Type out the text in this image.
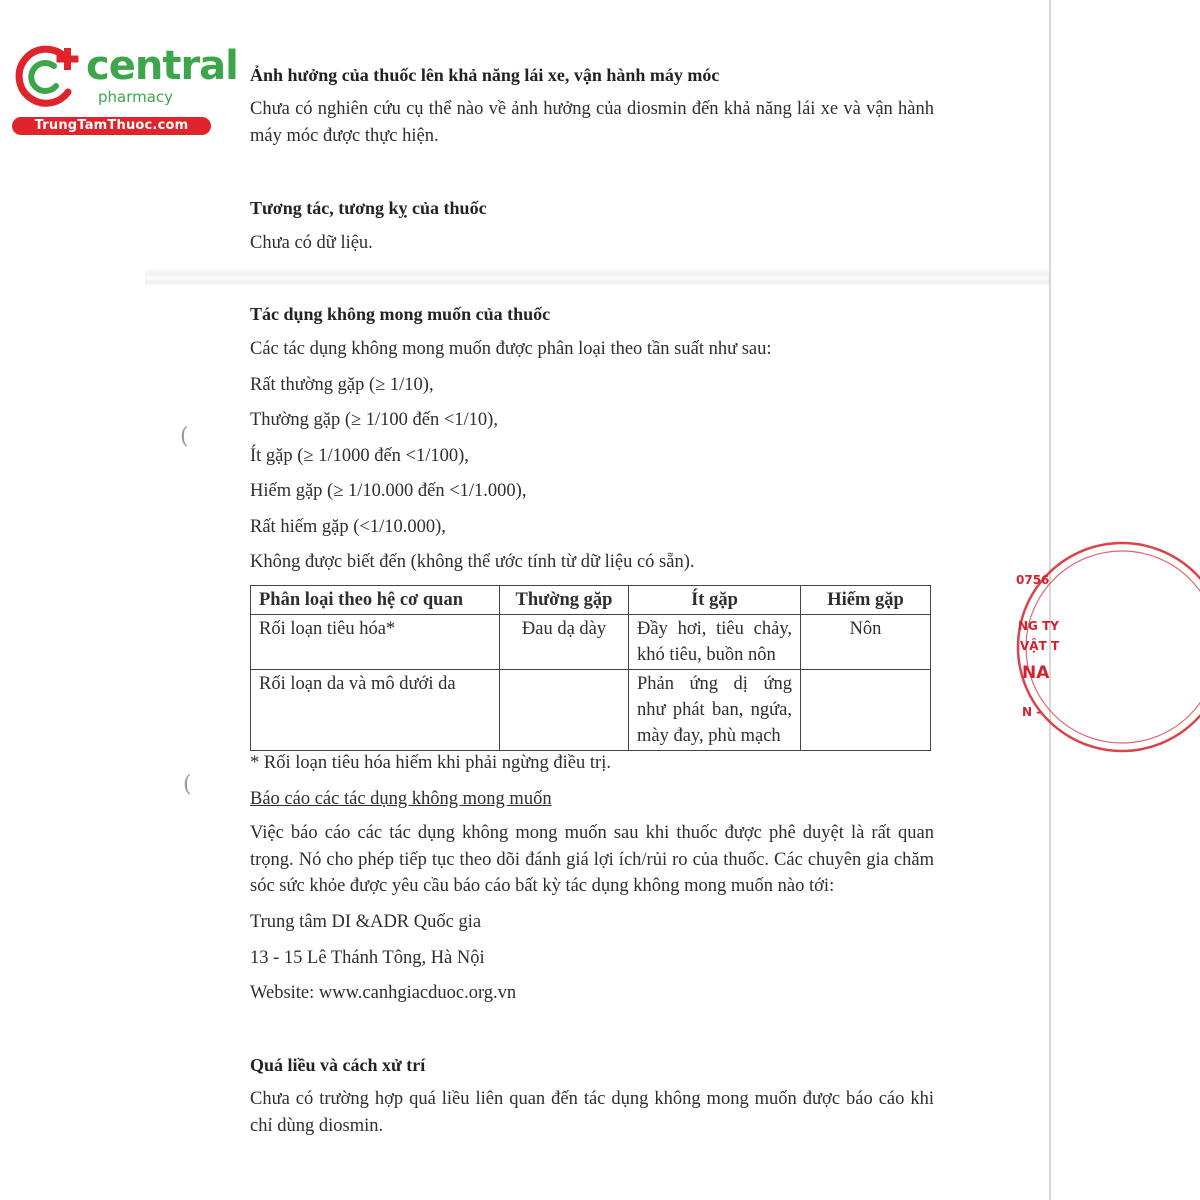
(
(
central
pharmacy
TrungTamThuoc.com
Ảnh hưởng của thuốc lên khả năng lái xe, vận hành máy móc
Chưa có nghiên cứu cụ thể nào về ảnh hưởng của diosmin đến khả năng lái xe và vận hành máy móc được thực hiện.
Tương tác, tương kỵ của thuốc
Chưa có dữ liệu.
Tác dụng không mong muốn của thuốc
Các tác dụng không mong muốn được phân loại theo tần suất như sau:
Rất thường gặp (≥ 1/10),
Thường gặp (≥ 1/100 đến <1/10),
Ít gặp (≥ 1/1000 đến <1/100),
Hiếm gặp (≥ 1/10.000 đến <1/1.000),
Rất hiếm gặp (<1/10.000),
Không được biết đến (không thể ước tính từ dữ liệu có sẵn).
* Rối loạn tiêu hóa hiếm khi phải ngừng điều trị.
Báo cáo các tác dụng không mong muốn
Việc báo cáo các tác dụng không mong muốn sau khi thuốc được phê duyệt là rất quan trọng. Nó cho phép tiếp tục theo dõi đánh giá lợi ích/rủi ro của thuốc. Các chuyên gia chăm sóc sức khỏe được yêu cầu báo cáo bất kỳ tác dụng không mong muốn nào tới:
Trung tâm DI &ADR Quốc gia
13 - 15 Lê Thánh Tông, Hà Nội
Website: www.canhgiacduoc.org.vn
Quá liều và cách xử trí
Chưa có trường hợp quá liều liên quan đến tác dụng không mong muốn được báo cáo khi chỉ dùng diosmin.
Phân loại theo hệ cơ quan	Thường gặp	Ít gặp	Hiếm gặp
Rối loạn tiêu hóa*	Đau dạ dày	Đầy hơi, tiêu chảy, khó tiêu, buồn nôn	Nôn
Rối loạn da và mô dưới da		Phản ứng dị ứng như phát ban, ngứa, mày đay, phù mạch	
0756
NG TY
VẬT T
NA
N -
